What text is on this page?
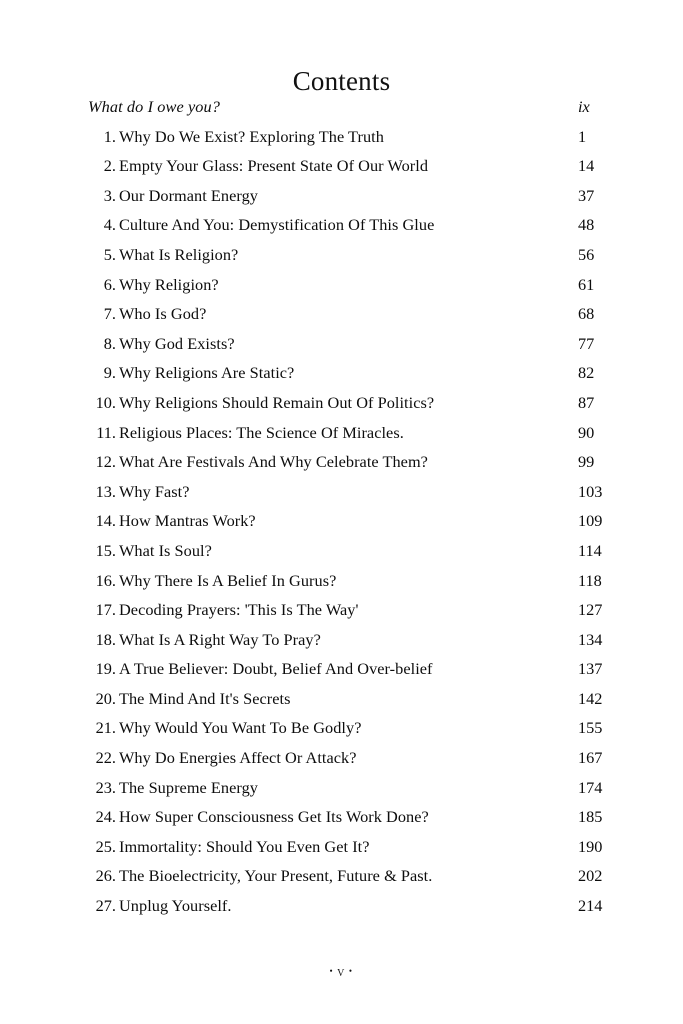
Contents
What do I owe you?	ix
1. Why Do We Exist? Exploring The Truth	1
2. Empty Your Glass: Present State Of Our World	14
3. Our Dormant Energy	37
4. Culture And You: Demystification Of This Glue	48
5. What Is Religion?	56
6. Why Religion?	61
7. Who Is God?	68
8. Why God Exists?	77
9. Why Religions Are Static?	82
10. Why Religions Should Remain Out Of Politics?	87
11. Religious Places: The Science Of Miracles.	90
12. What Are Festivals And Why Celebrate Them?	99
13. Why Fast?	103
14. How Mantras Work?	109
15. What Is Soul?	114
16. Why There Is A Belief In Gurus?	118
17. Decoding Prayers: 'This Is The Way'	127
18. What Is A Right Way To Pray?	134
19. A True Believer: Doubt, Belief And Over-belief	137
20. The Mind And It's Secrets	142
21. Why Would You Want To Be Godly?	155
22. Why Do Energies Affect Or Attack?	167
23. The Supreme Energy	174
24. How Super Consciousness Get Its Work Done?	185
25. Immortality: Should You Even Get It?	190
26. The Bioelectricity, Your Present, Future & Past.	202
27. Unplug Yourself.	214
• v •
